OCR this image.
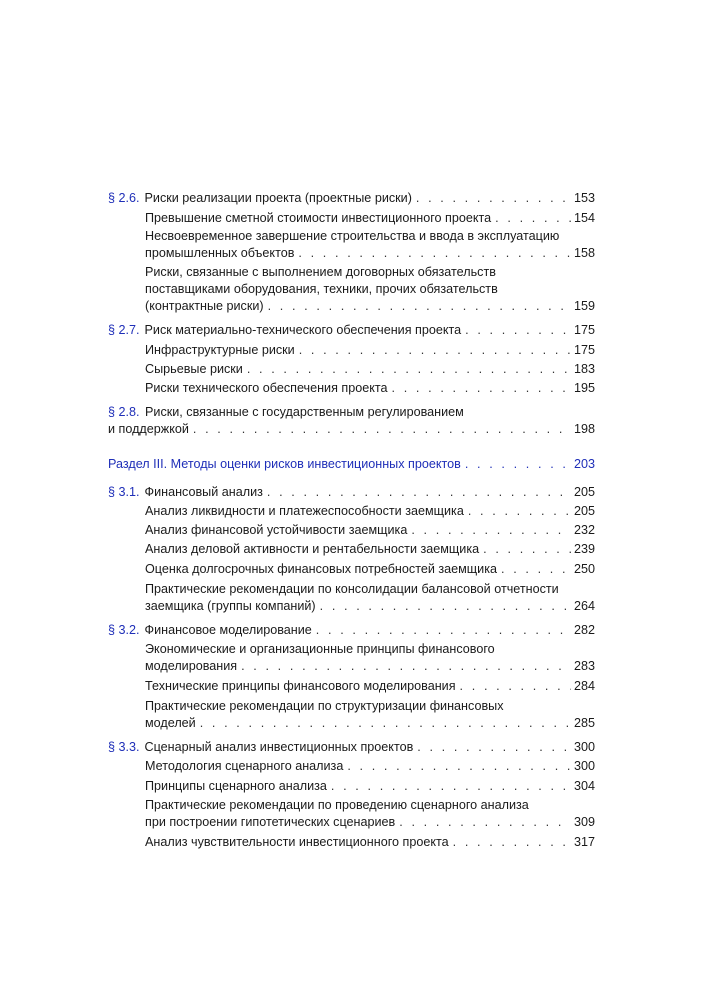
§ 2.6. Риски реализации проекта (проектные риски) . . .	153
Превышение сметной стоимости инвестиционного проекта . . .	154
Несвоевременное завершение строительства и ввода в эксплуатацию
промышленных объектов . . .	158
Риски, связанные с выполнением договорных обязательств
поставщиками оборудования, техники, прочих обязательств
(контрактные риски) . . .	159
§ 2.7. Риск материально-технического обеспечения проекта . . .	175
Инфраструктурные риски . . .	175
Сырьевые риски . . .	183
Риски технического обеспечения проекта . . .	195
§ 2.8. Риски, связанные с государственным регулированием
и поддержкой . . .	198
Раздел III. Методы оценки рисков инвестиционных проектов . . .	203
§ 3.1. Финансовый анализ . . .	205
Анализ ликвидности и платежеспособности заемщика . . .	205
Анализ финансовой устойчивости заемщика . . .	232
Анализ деловой активности и рентабельности заемщика . . .	239
Оценка долгосрочных финансовых потребностей заемщика . . .	250
Практические рекомендации по консолидации балансовой отчетности
заемщика (группы компаний) . . .	264
§ 3.2. Финансовое моделирование . . .	282
Экономические и организационные принципы финансового
моделирования . . .	283
Технические принципы финансового моделирования . . .	284
Практические рекомендации по структуризации финансовых
моделей . . .	285
§ 3.3. Сценарный анализ инвестиционных проектов . . .	300
Методология сценарного анализа . . .	300
Принципы сценарного анализа . . .	304
Практические рекомендации по проведению сценарного анализа
при построении гипотетических сценариев . . .	309
Анализ чувствительности инвестиционного проекта . . .	317
